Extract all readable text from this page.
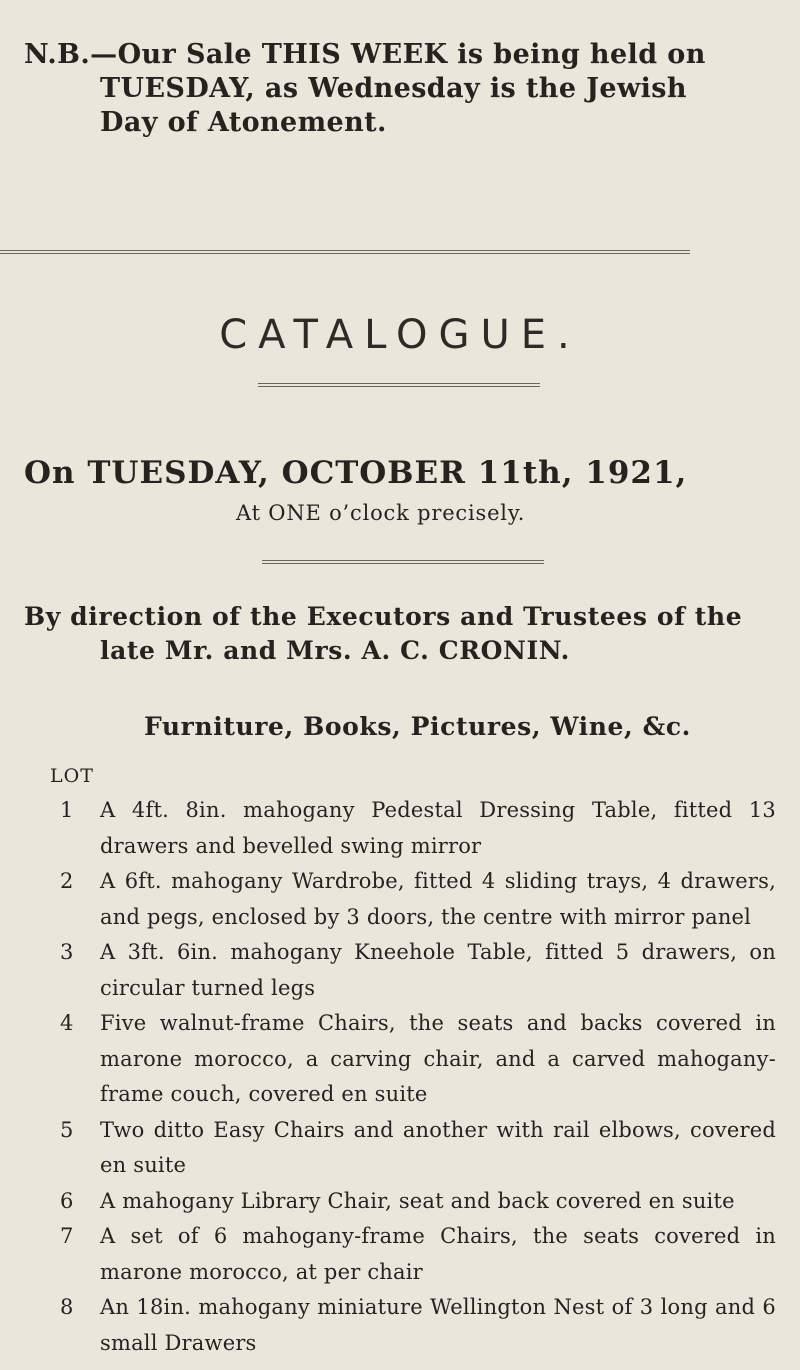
N.B.—Our Sale THIS WEEK is being held on
TUESDAY, as Wednesday is the Jewish
Day of Atonement.
CATALOGUE.
On TUESDAY, OCTOBER 11th, 1921,
At ONE o’clock precisely.
By direction of the Executors and Trustees of the
late Mr. and Mrs. A. C. CRONIN.
Furniture, Books, Pictures, Wine, &c.
LOT
1	A 4ft. 8in. mahogany Pedestal Dressing Table, fitted 13 drawers and bevelled swing mirror
2	A 6ft. mahogany Wardrobe, fitted 4 sliding trays, 4 drawers, and pegs, enclosed by 3 doors, the centre with mirror panel
3	A 3ft. 6in. mahogany Kneehole Table, fitted 5 drawers, on circular turned legs
4	Five walnut-frame Chairs, the seats and backs covered in marone morocco, a carving chair, and a carved mahogany-frame couch, covered en suite
5	Two ditto Easy Chairs and another with rail elbows, covered en suite
6	A mahogany Library Chair, seat and back covered en suite
7	A set of 6 mahogany-frame Chairs, the seats covered in marone morocco, at per chair
8	An 18in. mahogany miniature Wellington Nest of 3 long and 6 small Drawers
